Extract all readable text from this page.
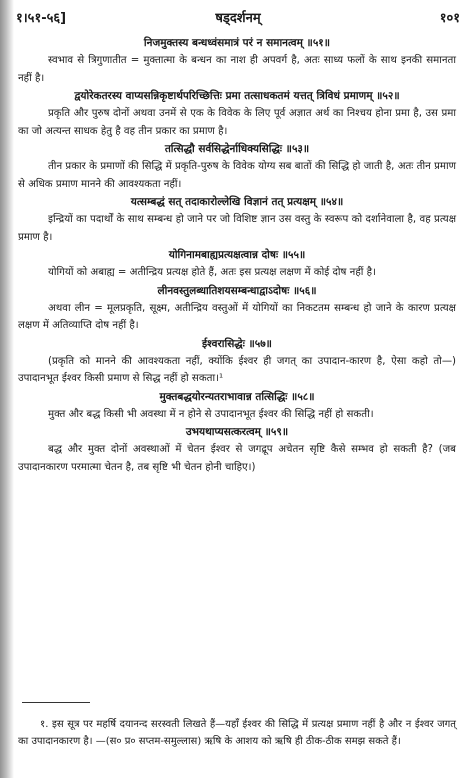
१।५१-५६]	षड्दर्शनम्	१०१
निजमुक्तस्य बन्धध्वंसमात्रं परं न समानत्वम् ॥५१॥

स्वभाव से त्रिगुणातीत = मुक्तात्मा के बन्धन का नाश ही अपवर्ग है, अतः साध्य फलों के साथ इनकी समानता नहीं है।

द्वयोरेकतरस्य वाप्यसन्निकृष्टार्थपरिच्छित्तिः प्रमा तत्साधकतमं यत्तत् त्रिविधं प्रमाणम् ॥५२॥

प्रकृति और पुरुष दोनों अथवा उनमें से एक के विवेक के लिए पूर्व अज्ञात अर्थ का निश्चय होना प्रमा है, उस प्रमा का जो अत्यन्त साधक हेतु है वह तीन प्रकार का प्रमाण है।

तत्सिद्धौ सर्वसिद्धेर्नाधिक्यसिद्धिः ॥५३॥

तीन प्रकार के प्रमाणों की सिद्धि में प्रकृति-पुरुष के विवेक योग्य सब बातों की सिद्धि हो जाती है, अतः तीन प्रमाण से अधिक प्रमाण मानने की आवश्यकता नहीं।

यत्सम्बद्धं सत् तदाकारोल्लेखि विज्ञानं तत् प्रत्यक्षम् ॥५४॥

इन्द्रियों का पदार्थों के साथ सम्बन्ध हो जाने पर जो विशिष्ट ज्ञान उस वस्तु के स्वरूप को दर्शानेवाला है, वह प्रत्यक्ष प्रमाण है।

योगिनामबाह्यप्रत्यक्षत्वान्न दोषः ॥५५॥

योगियों को अबाह्य = अतीन्द्रिय प्रत्यक्ष होते हैं, अतः इस प्रत्यक्ष लक्षण में कोई दोष नहीं है।

लीनवस्तुलब्धातिशयसम्बन्धाद्वाऽदोषः ॥५६॥

अथवा लीन = मूलप्रकृति, सूक्ष्म, अतीन्द्रिय वस्तुओं में योगियों का निकटतम सम्बन्ध हो जाने के कारण प्रत्यक्ष लक्षण में अतिव्याप्ति दोष नहीं है।

ईश्वरासिद्धेः ॥५७॥

(प्रकृति को मानने की आवश्यकता नहीं, क्योंकि ईश्वर ही जगत् का उपादान-कारण है, ऐसा कहो तो—) उपादानभूत ईश्वर किसी प्रमाण से सिद्ध नहीं हो सकता।¹

मुक्तबद्धयोरन्यतराभावान्न तत्सिद्धिः ॥५८॥

मुक्त और बद्ध किसी भी अवस्था में न होने से उपादानभूत ईश्वर की सिद्धि नहीं हो सकती।

उभयथाप्यसत्करत्वम् ॥५९॥

बद्ध और मुक्त दोनों अवस्थाओं में चेतन ईश्वर से जगद्रूप अचेतन सृष्टि कैसे सम्भव हो सकती है? (जब उपादानकारण परमात्मा चेतन है, तब सृष्टि भी चेतन होनी चाहिए।)

१. इस सूत्र पर महर्षि दयानन्द सरस्वती लिखते हैं—यहाँ ईश्वर की सिद्धि में प्रत्यक्ष प्रमाण नहीं है और न ईश्वर जगत् का उपादानकारण है। —(स० प्र० सप्तम-समुल्लास) ऋषि के आशय को ऋषि ही ठीक-ठीक समझ सकते हैं।
